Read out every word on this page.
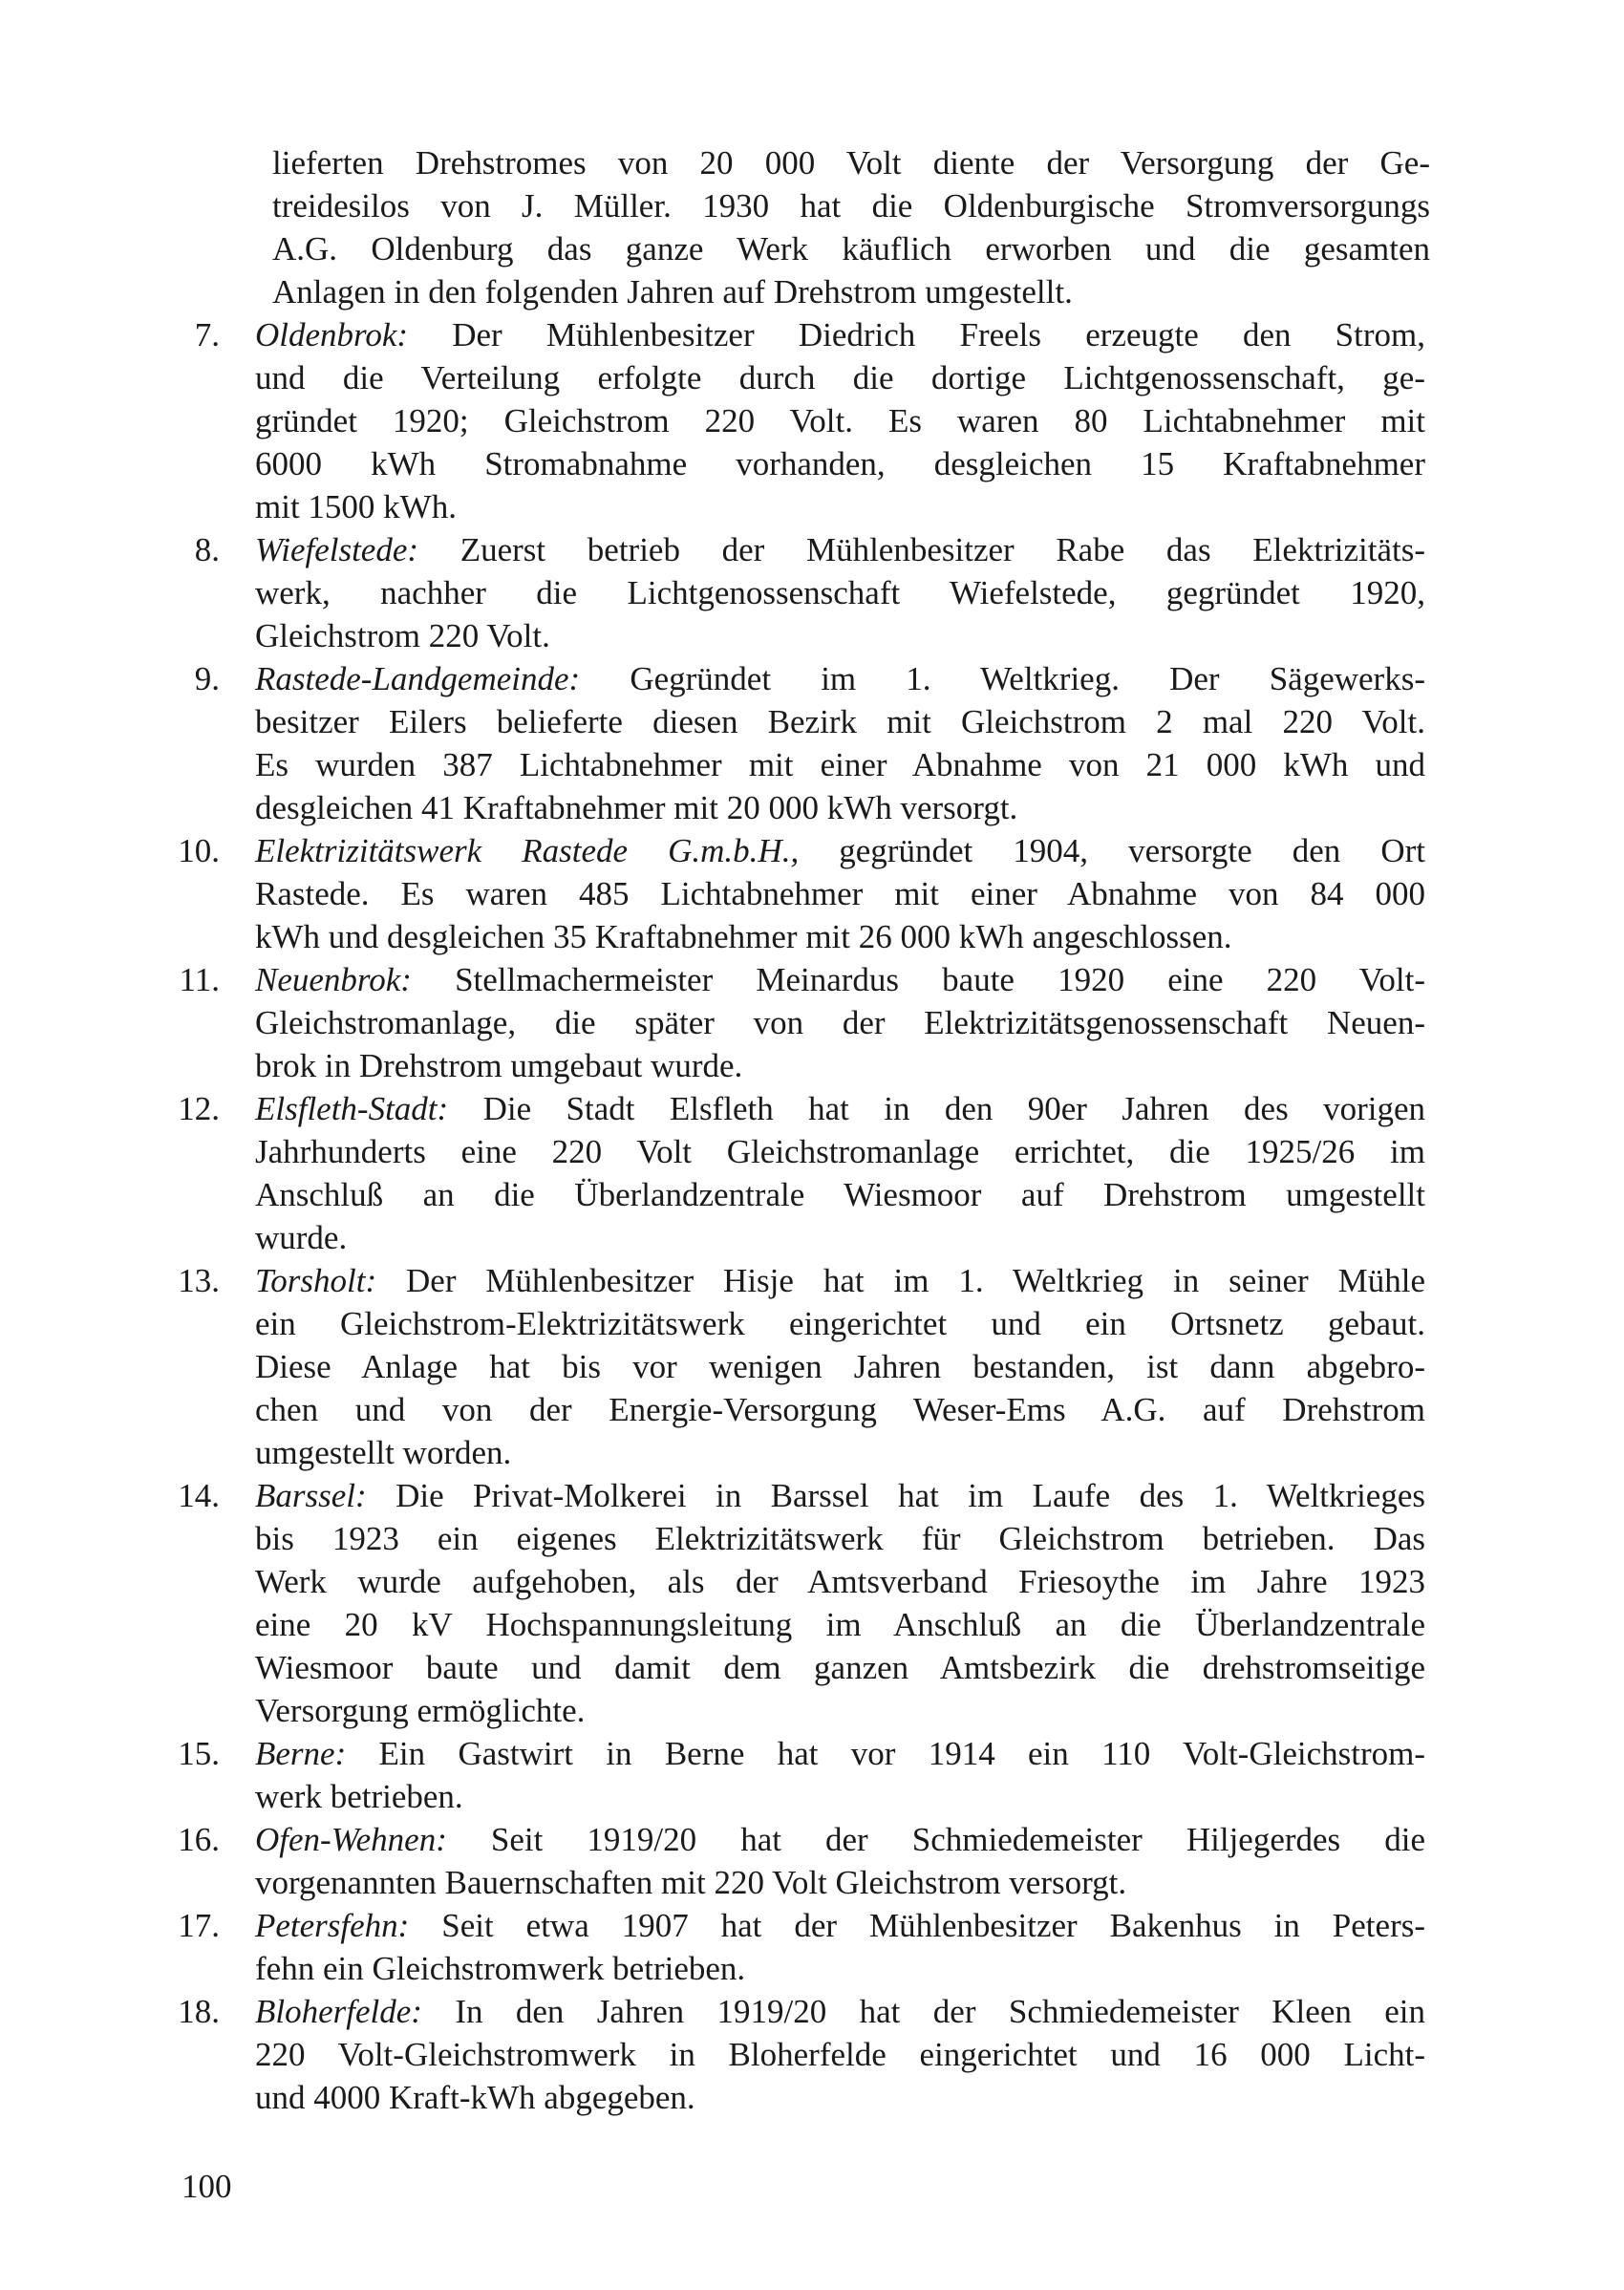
lieferten Drehstromes von 20 000 Volt diente der Versorgung der Ge-
treidesilos von J. Müller. 1930 hat die Oldenburgische Stromversorgungs
A.G. Oldenburg das ganze Werk käuflich erworben und die gesamten
Anlagen in den folgenden Jahren auf Drehstrom umgestellt.
7. Oldenbrok: Der Mühlenbesitzer Diedrich Freels erzeugte den Strom,
und die Verteilung erfolgte durch die dortige Lichtgenossenschaft, ge-
gründet 1920; Gleichstrom 220 Volt. Es waren 80 Lichtabnehmer mit
6000 kWh Stromabnahme vorhanden, desgleichen 15 Kraftabnehmer
mit 1500 kWh.
8. Wiefelstede: Zuerst betrieb der Mühlenbesitzer Rabe das Elektrizitäts-
werk, nachher die Lichtgenossenschaft Wiefelstede, gegründet 1920,
Gleichstrom 220 Volt.
9. Rastede-Landgemeinde: Gegründet im 1. Weltkrieg. Der Sägewerks-
besitzer Eilers belieferte diesen Bezirk mit Gleichstrom 2 mal 220 Volt.
Es wurden 387 Lichtabnehmer mit einer Abnahme von 21 000 kWh und
desgleichen 41 Kraftabnehmer mit 20 000 kWh versorgt.
10. Elektrizitätswerk Rastede G.m.b.H., gegründet 1904, versorgte den Ort
Rastede. Es waren 485 Lichtabnehmer mit einer Abnahme von 84 000
kWh und desgleichen 35 Kraftabnehmer mit 26 000 kWh angeschlossen.
11. Neuenbrok: Stellmachermeister Meinardus baute 1920 eine 220 Volt-
Gleichstromanlage, die später von der Elektrizitätsgenossenschaft Neuen-
brok in Drehstrom umgebaut wurde.
12. Elsfleth-Stadt: Die Stadt Elsfleth hat in den 90er Jahren des vorigen
Jahrhunderts eine 220 Volt Gleichstromanlage errichtet, die 1925/26 im
Anschluß an die Überlandzentrale Wiesmoor auf Drehstrom umgestellt
wurde.
13. Torsholt: Der Mühlenbesitzer Hisje hat im 1. Weltkrieg in seiner Mühle
ein Gleichstrom-Elektrizitätswerk eingerichtet und ein Ortsnetz gebaut.
Diese Anlage hat bis vor wenigen Jahren bestanden, ist dann abgebro-
chen und von der Energie-Versorgung Weser-Ems A.G. auf Drehstrom
umgestellt worden.
14. Barssel: Die Privat-Molkerei in Barssel hat im Laufe des 1. Weltkrieges
bis 1923 ein eigenes Elektrizitätswerk für Gleichstrom betrieben. Das
Werk wurde aufgehoben, als der Amtsverband Friesoythe im Jahre 1923
eine 20 kV Hochspannungsleitung im Anschluß an die Überlandzentrale
Wiesmoor baute und damit dem ganzen Amtsbezirk die drehstromseitige
Versorgung ermöglichte.
15. Berne: Ein Gastwirt in Berne hat vor 1914 ein 110 Volt-Gleichstrom-
werk betrieben.
16. Ofen-Wehnen: Seit 1919/20 hat der Schmiedemeister Hiljegerdes die
vorgenannten Bauernschaften mit 220 Volt Gleichstrom versorgt.
17. Petersfehn: Seit etwa 1907 hat der Mühlenbesitzer Bakenhus in Peters-
fehn ein Gleichstromwerk betrieben.
18. Bloherfelde: In den Jahren 1919/20 hat der Schmiedemeister Kleen ein
220 Volt-Gleichstromwerk in Bloherfelde eingerichtet und 16 000 Licht-
und 4000 Kraft-kWh abgegeben.
100
